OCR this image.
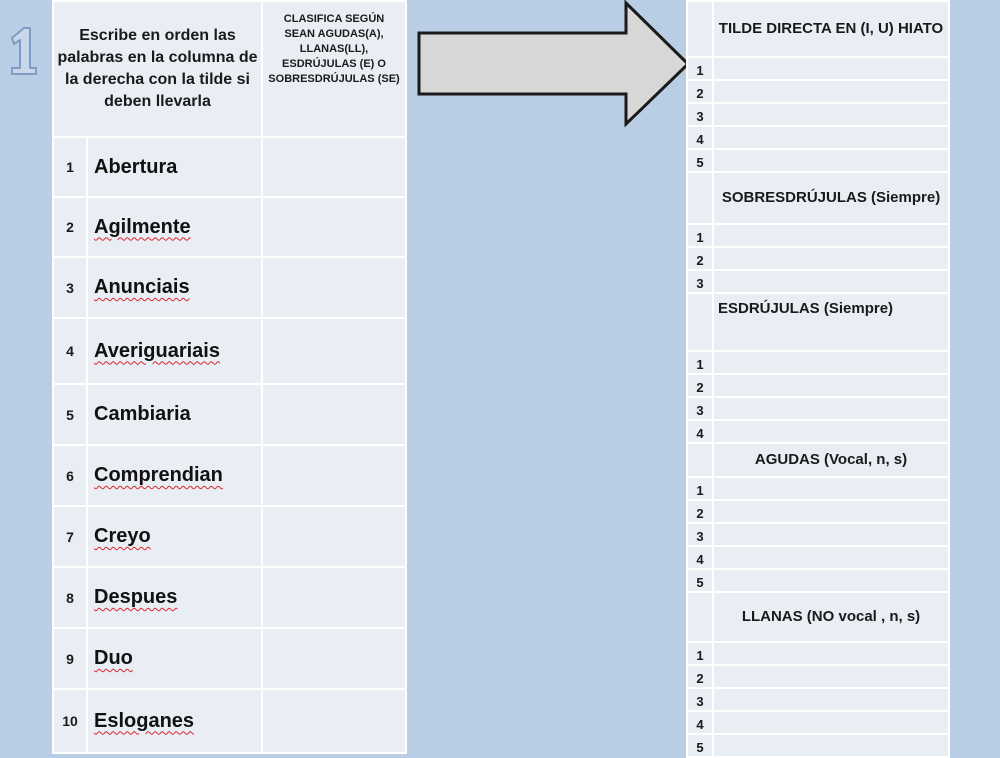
Escribe en orden las palabras en la columna de la derecha con la tilde si deben llevarla		CLASIFICA SEGÚN SEAN AGUDAS(A), LLANAS(LL), ESDRÚJULAS (E) O SOBRESDRÚJULAS (SE)
1	Abertura	
2	Agilmente	
3	Anunciais	
4	Averiguariais	
5	Cambiaria	
6	Comprendian	
7	Creyo	
8	Despues	
9	Duo	
10	Esloganes	
	TILDE DIRECTA EN (I, U) HIATO
1	
2	
3	
4	
5	
	SOBRESDRÚJULAS (Siempre)
1	
2	
3	
	ESDRÚJULAS (Siempre)
1	
2	
3	
4	
	AGUDAS (Vocal, n, s)
1	
2	
3	
4	
5	
	LLANAS (NO vocal , n, s)
1	
2	
3	
4	
5	
